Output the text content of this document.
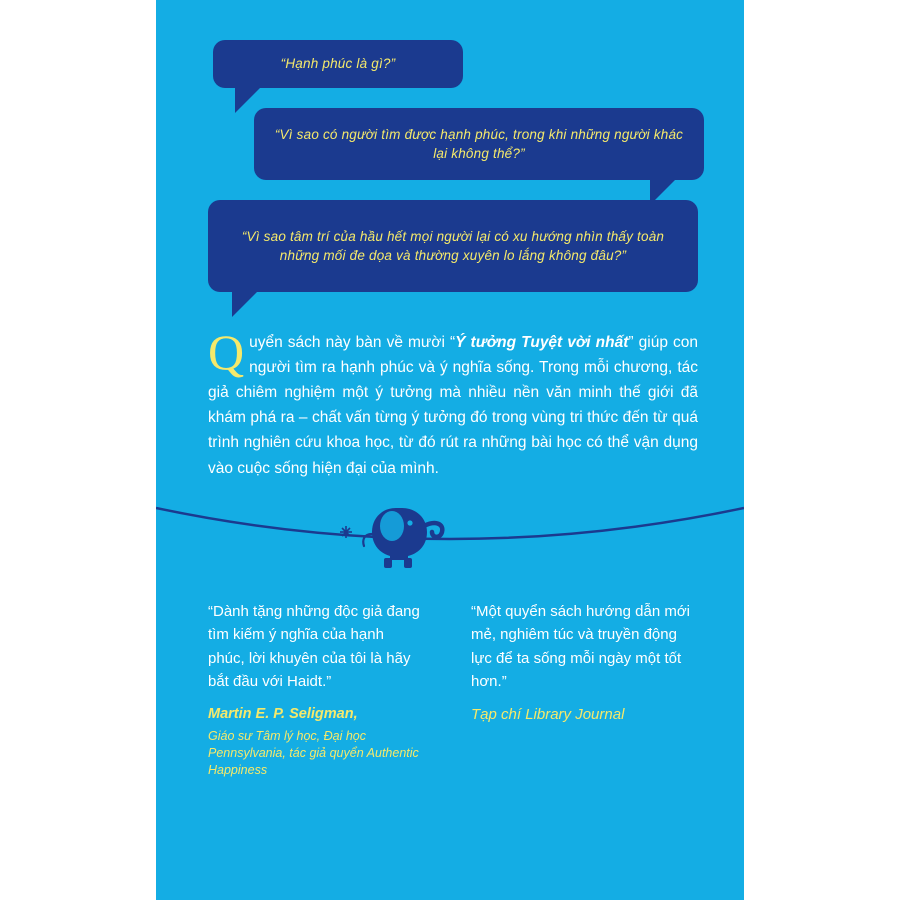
“Hạnh phúc là gì?”
“Vì sao có người tìm được hạnh phúc, trong khi những người khác lại không thể?”
“Vì sao tâm trí của hầu hết mọi người lại có xu hướng nhìn thấy toàn những mối đe dọa và thường xuyên lo lắng không đâu?”
Quyển sách này bàn về mười “Ý tưởng Tuyệt vời nhất” giúp con người tìm ra hạnh phúc và ý nghĩa sống. Trong mỗi chương, tác giả chiêm nghiệm một ý tưởng mà nhiều nền văn minh thế giới đã khám phá ra – chất vấn từng ý tưởng đó trong vùng tri thức đến từ quá trình nghiên cứu khoa học, từ đó rút ra những bài học có thể vận dụng vào cuộc sống hiện đại của mình.
“Dành tặng những độc giả đang tìm kiếm ý nghĩa của hạnh phúc, lời khuyên của tôi là hãy bắt đầu với Haidt.”
Martin E. P. Seligman,
Giáo sư Tâm lý học, Đại học Pennsylvania, tác giả quyển Authentic Happiness
“Một quyển sách hướng dẫn mới mẻ, nghiêm túc và truyền động lực để ta sống mỗi ngày một tốt hơn.”
Tạp chí Library Journal
